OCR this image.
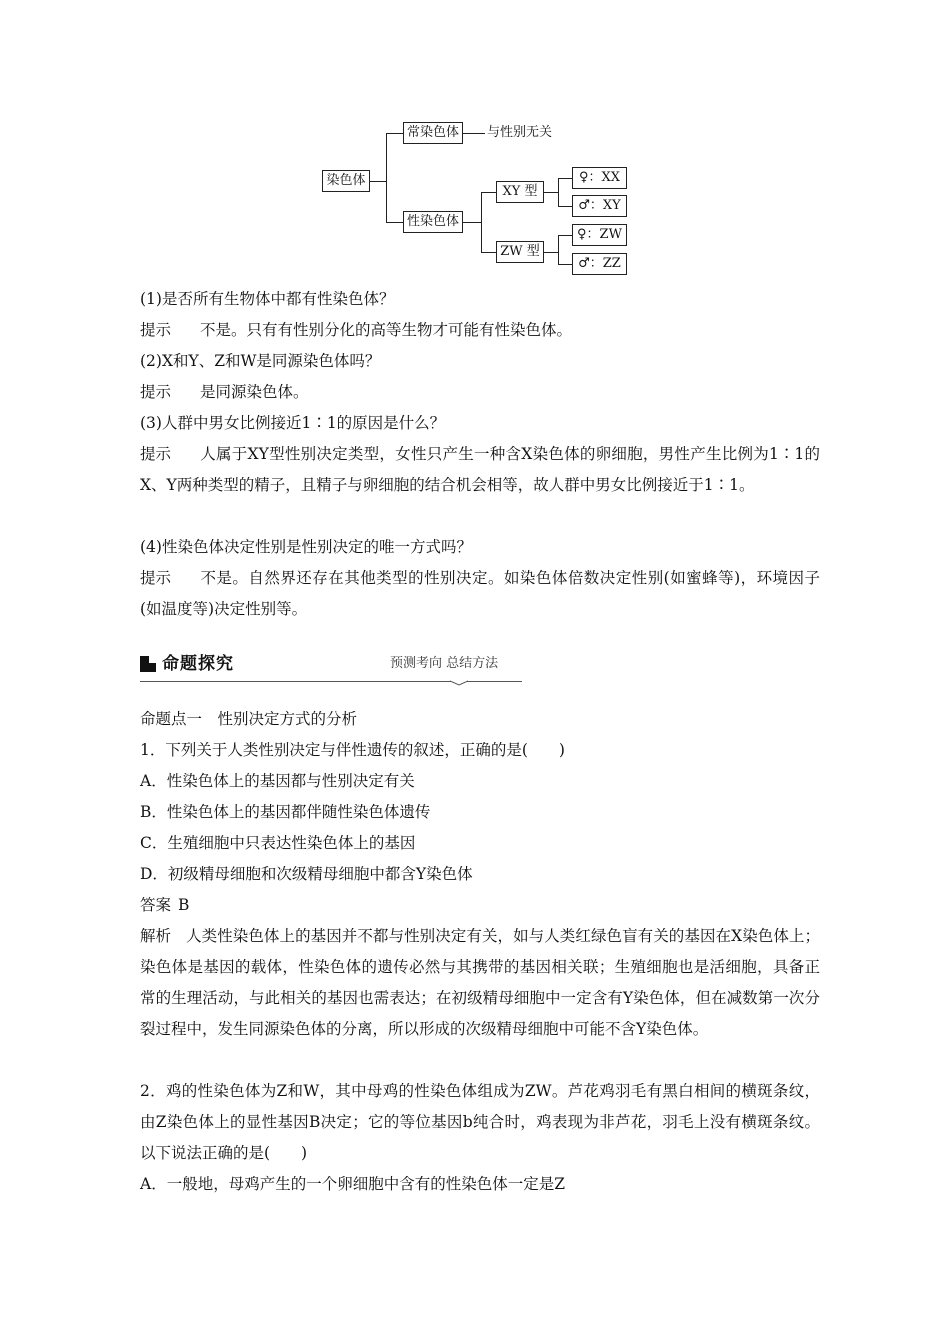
染色体
常染色体	与性别无关
性染色体
XY 型
♀：XX
♂：XY
ZW 型
♀：ZW
♂：ZZ

(1)是否所有生物体中都有性染色体？

提示 不是。只有有性别分化的高等生物才可能有性染色体。

(2)X和Y、Z和W是同源染色体吗？

提示 是同源染色体。

(3)人群中男女比例接近1∶1的原因是什么？

提示 人属于XY型性别决定类型，女性只产生一种含X染色体的卵细胞，男性产生比例为1∶1的X、Y两种类型的精子，且精子与卵细胞的结合机会相等，故人群中男女比例接近于1∶1。

(4)性染色体决定性别是性别决定的唯一方式吗？

提示 不是。自然界还存在其他类型的性别决定。如染色体倍数决定性别(如蜜蜂等)，环境因子(如温度等)决定性别等。

命题探究	预测考向 总结方法

命题点一　性别决定方式的分析

1．下列关于人类性别决定与伴性遗传的叙述，正确的是(　　)

A．性染色体上的基因都与性别决定有关

B．性染色体上的基因都伴随性染色体遗传

C．生殖细胞中只表达性染色体上的基因

D．初级精母细胞和次级精母细胞中都含Y染色体

答案 B

解析 人类性染色体上的基因并不都与性别决定有关，如与人类红绿色盲有关的基因在X染色体上；染色体是基因的载体，性染色体的遗传必然与其携带的基因相关联；生殖细胞也是活细胞，具备正常的生理活动，与此相关的基因也需表达；在初级精母细胞中一定含有Y染色体，但在减数第一次分裂过程中，发生同源染色体的分离，所以形成的次级精母细胞中可能不含Y染色体。

2．鸡的性染色体为Z和W，其中母鸡的性染色体组成为ZW。芦花鸡羽毛有黑白相间的横斑条纹，由Z染色体上的显性基因B决定；它的等位基因b纯合时，鸡表现为非芦花，羽毛上没有横斑条纹。以下说法正确的是(　　)

A．一般地，母鸡产生的一个卵细胞中含有的性染色体一定是Z
